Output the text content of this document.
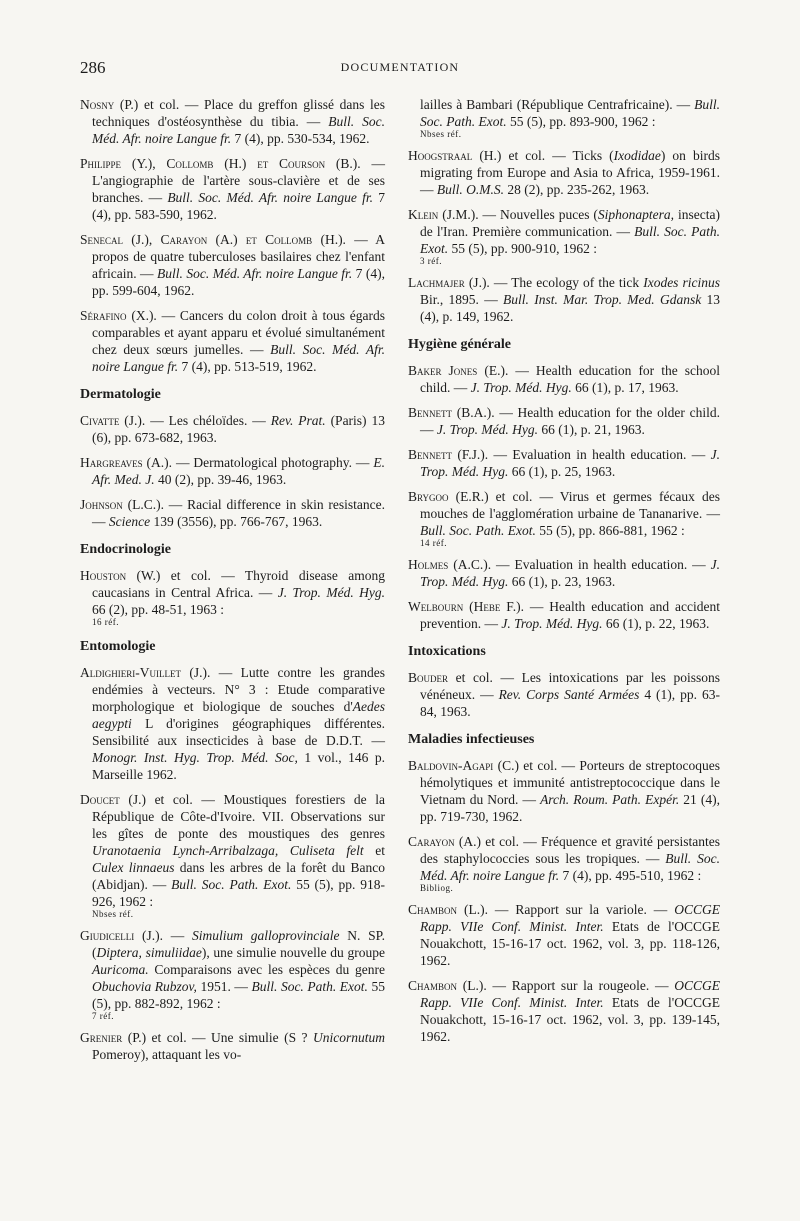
286	DOCUMENTATION

Nosny (P.) et col. — Place du greffon glissé dans les techniques d'ostéosynthèse du tibia. — Bull. Soc. Méd. Afr. noire Langue fr. 7 (4), pp. 530-534, 1962.

Philippe (Y.), Collomb (H.) et Courson (B.). — L'angiographie de l'artère sous-clavière et de ses branches. — Bull. Soc. Méd. Afr. noire Langue fr. 7 (4), pp. 583-590, 1962.

Senecal (J.), Carayon (A.) et Collomb (H.). — A propos de quatre tuberculoses basilaires chez l'enfant africain. — Bull. Soc. Méd. Afr. noire Langue fr. 7 (4), pp. 599-604, 1962.

Sérafino (X.). — Cancers du colon droit à tous égards comparables et ayant apparu et évolué simultanément chez deux sœurs jumelles. — Bull. Soc. Méd. Afr. noire Langue fr. 7 (4), pp. 513-519, 1962.

Dermatologie

Civatte (J.). — Les chéloïdes. — Rev. Prat. (Paris) 13 (6), pp. 673-682, 1963.

Hargreaves (A.). — Dermatological photography. — E. Afr. Med. J. 40 (2), pp. 39-46, 1963.

Johnson (L.C.). — Racial difference in skin resistance. — Science 139 (3556), pp. 766-767, 1963.

Endocrinologie

Houston (W.) et col. — Thyroid disease among caucasians in Central Africa. — J. Trop. Méd. Hyg. 66 (2), pp. 48-51, 1963 :
16 réf.

Entomologie

Aldighieri-Vuillet (J.). — Lutte contre les grandes endémies à vecteurs. N° 3 : Etude comparative morphologique et biologique de souches d'Aedes aegypti L d'origines géographiques différentes. Sensibilité aux insecticides à base de D.D.T. — Monogr. Inst. Hyg. Trop. Méd. Soc, 1 vol., 146 p. Marseille 1962.

Doucet (J.) et col. — Moustiques forestiers de la République de Côte-d'Ivoire. VII. Observations sur les gîtes de ponte des moustiques des genres Uranotaenia Lynch-Arribalzaga, Culiseta felt et Culex linnaeus dans les arbres de la forêt du Banco (Abidjan). — Bull. Soc. Path. Exot. 55 (5), pp. 918-926, 1962 :
Nbses réf.

Giudicelli (J.). — Simulium galloprovinciale N. SP. (Diptera, simuliidae), une simulie nouvelle du groupe Auricoma. Comparaisons avec les espèces du genre Obuchovia Rubzov, 1951. — Bull. Soc. Path. Exot. 55 (5), pp. 882-892, 1962 :
7 réf.

Grenier (P.) et col. — Une simulie (S ? Unicornutum Pomeroy), attaquant les vo-

lailles à Bambari (République Centrafricaine). — Bull. Soc. Path. Exot. 55 (5), pp. 893-900, 1962 :
Nbses réf.

Hoogstraal (H.) et col. — Ticks (Ixodidae) on birds migrating from Europe and Asia to Africa, 1959-1961. — Bull. O.M.S. 28 (2), pp. 235-262, 1963.

Klein (J.M.). — Nouvelles puces (Siphonaptera, insecta) de l'Iran. Première communication. — Bull. Soc. Path. Exot. 55 (5), pp. 900-910, 1962 :
3 réf.

Lachmajer (J.). — The ecology of the tick Ixodes ricinus Bir., 1895. — Bull. Inst. Mar. Trop. Med. Gdansk 13 (4), p. 149, 1962.

Hygiène générale

Baker Jones (E.). — Health education for the school child. — J. Trop. Méd. Hyg. 66 (1), p. 17, 1963.

Bennett (B.A.). — Health education for the older child. — J. Trop. Méd. Hyg. 66 (1), p. 21, 1963.

Bennett (F.J.). — Evaluation in health education. — J. Trop. Méd. Hyg. 66 (1), p. 25, 1963.

Brygoo (E.R.) et col. — Virus et germes fécaux des mouches de l'agglomération urbaine de Tananarive. — Bull. Soc. Path. Exot. 55 (5), pp. 866-881, 1962 :
14 réf.

Holmes (A.C.). — Evaluation in health education. — J. Trop. Méd. Hyg. 66 (1), p. 23, 1963.

Welbourn (Hebe F.). — Health education and accident prevention. — J. Trop. Méd. Hyg. 66 (1), p. 22, 1963.

Intoxications

Bouder et col. — Les intoxications par les poissons vénéneux. — Rev. Corps Santé Armées 4 (1), pp. 63-84, 1963.

Maladies infectieuses

Baldovin-Agapi (C.) et col. — Porteurs de streptocoques hémolytiques et immunité antistreptococcique dans le Vietnam du Nord. — Arch. Roum. Path. Expér. 21 (4), pp. 719-730, 1962.

Carayon (A.) et col. — Fréquence et gravité persistantes des staphylococcies sous les tropiques. — Bull. Soc. Méd. Afr. noire Langue fr. 7 (4), pp. 495-510, 1962 :
Bibliog.

Chambon (L.). — Rapport sur la variole. — OCCGE Rapp. VIIe Conf. Minist. Inter. Etats de l'OCCGE Nouakchott, 15-16-17 oct. 1962, vol. 3, pp. 118-126, 1962.

Chambon (L.). — Rapport sur la rougeole. — OCCGE Rapp. VIIe Conf. Minist. Inter. Etats de l'OCCGE Nouakchott, 15-16-17 oct. 1962, vol. 3, pp. 139-145, 1962.
